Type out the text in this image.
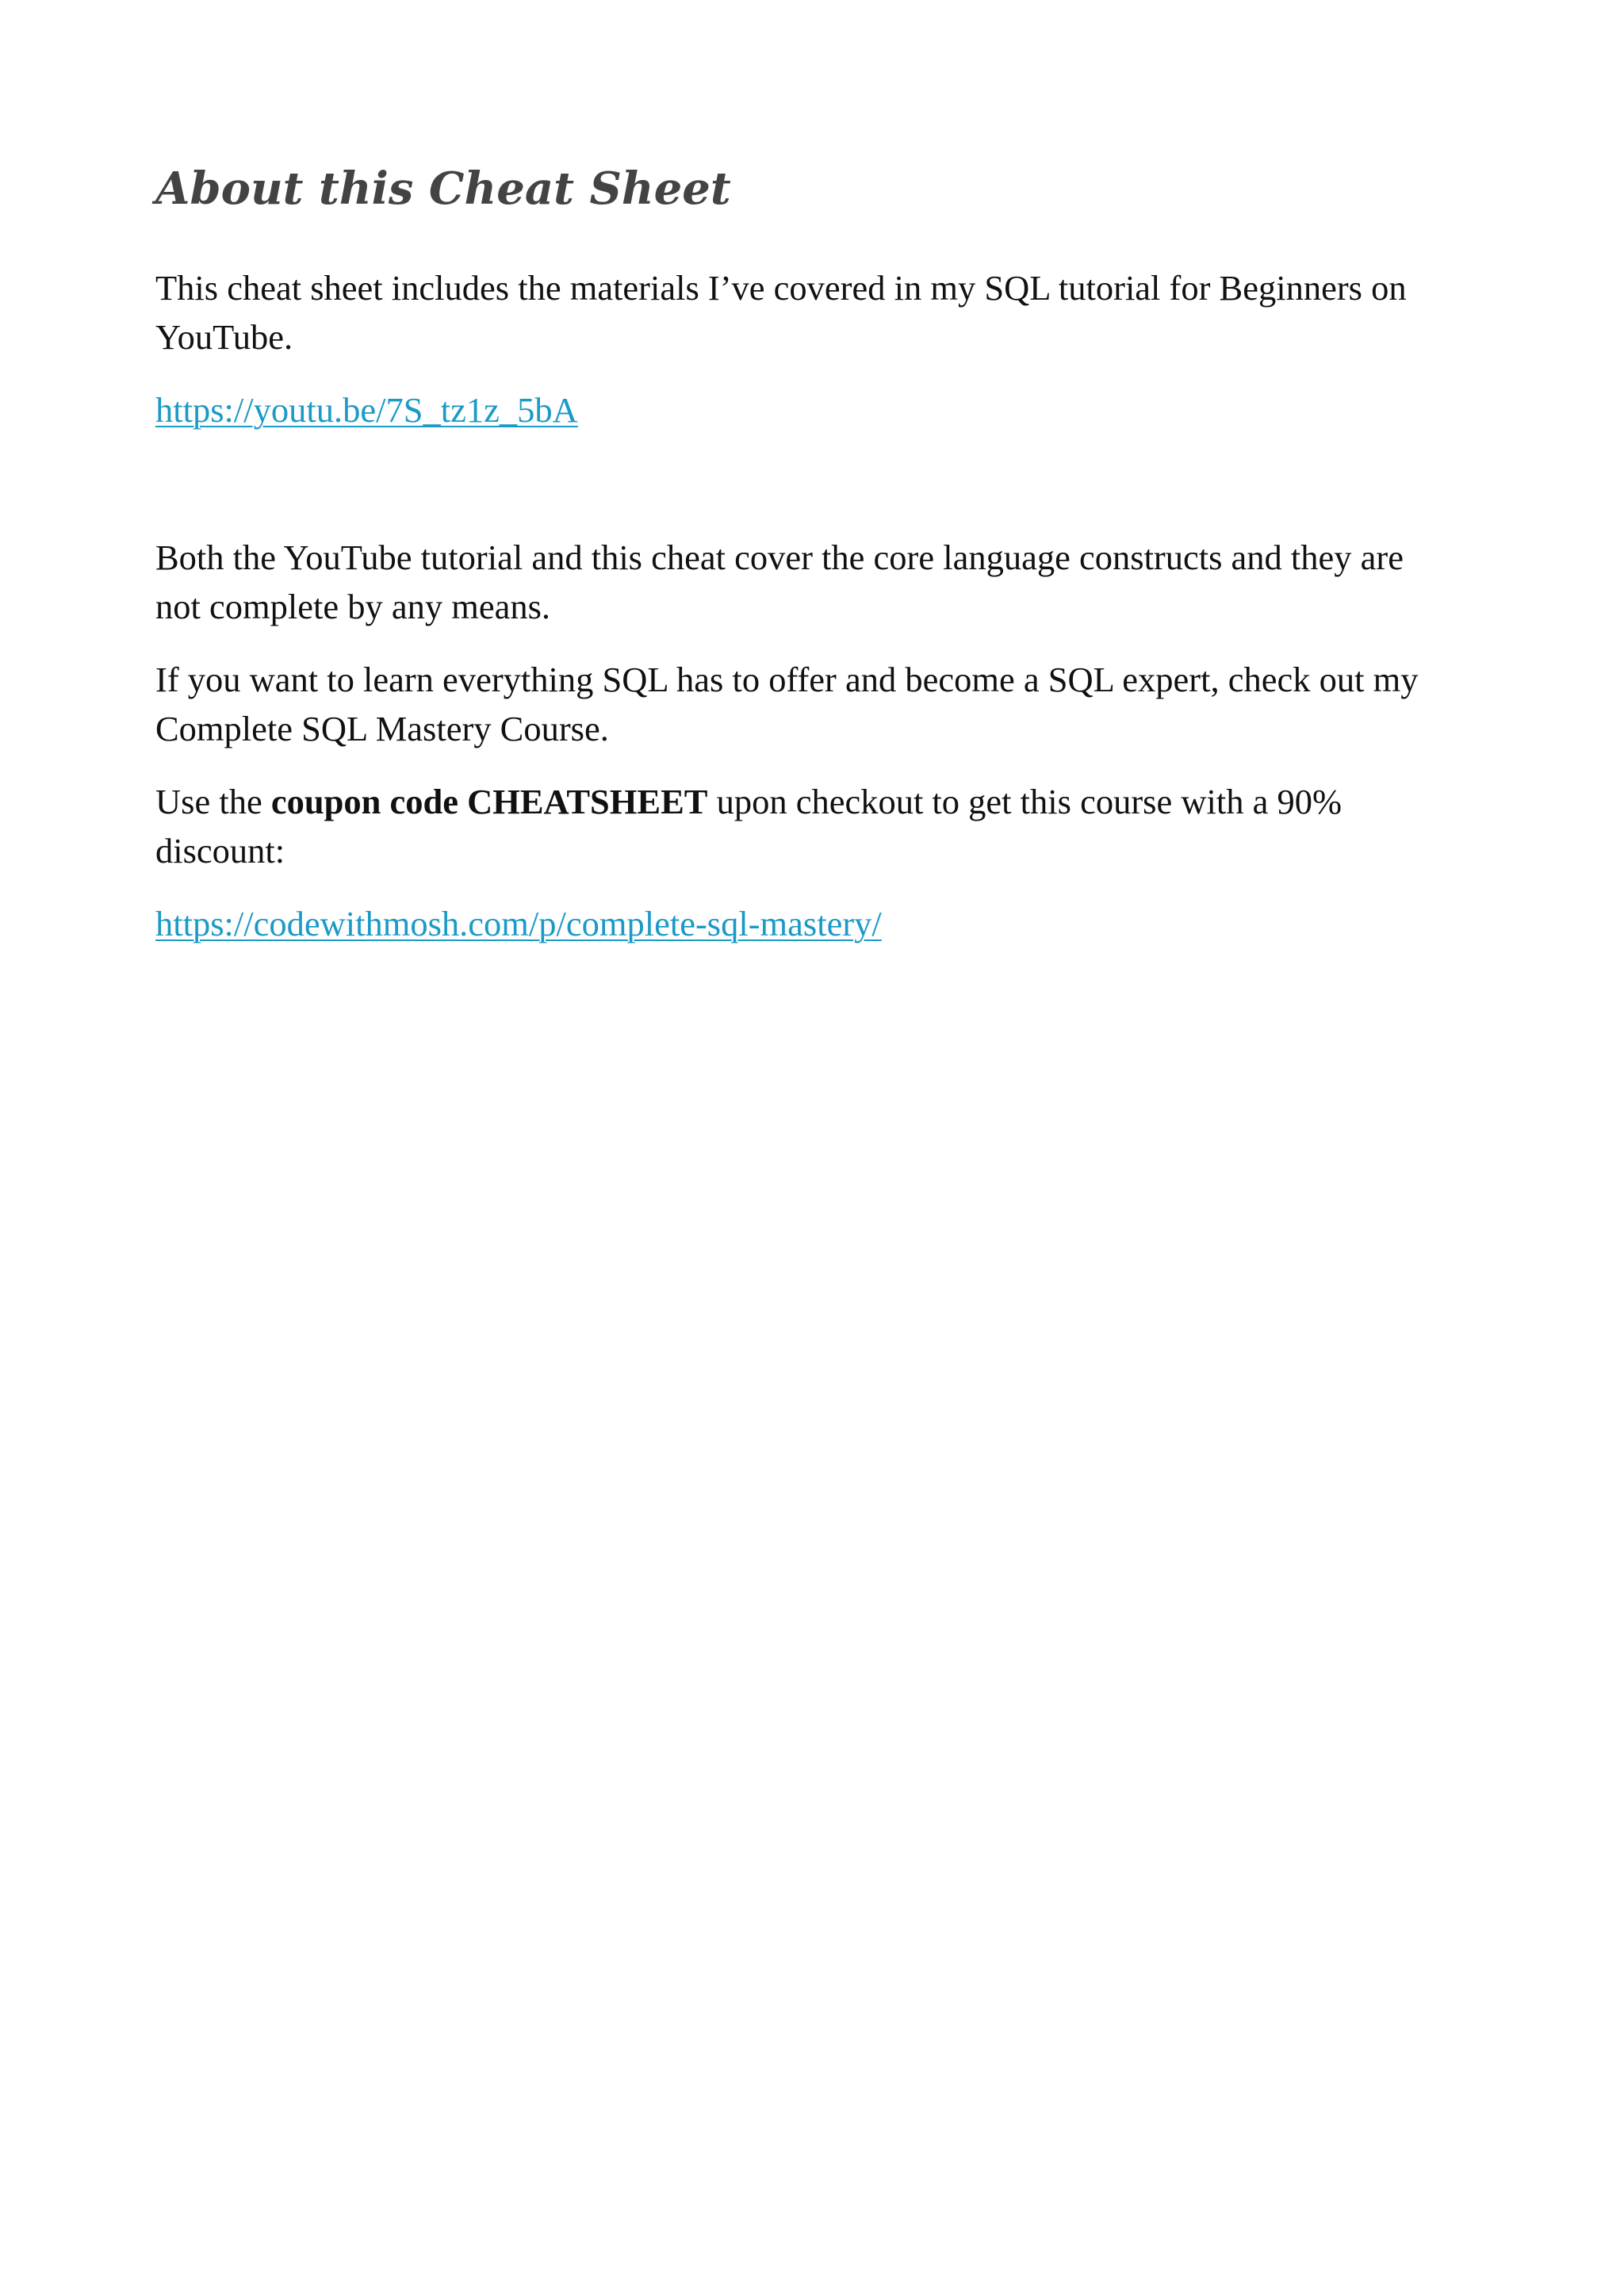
About this Cheat Sheet

This cheat sheet includes the materials I’ve covered in my SQL tutorial for Beginners on YouTube.

https://youtu.be/7S_tz1z_5bA

Both the YouTube tutorial and this cheat cover the core language constructs and they are not complete by any means.

If you want to learn everything SQL has to offer and become a SQL expert, check out my Complete SQL Mastery Course.

Use the coupon code CHEATSHEET upon checkout to get this course with a 90% discount:

https://codewithmosh.com/p/complete-sql-mastery/
